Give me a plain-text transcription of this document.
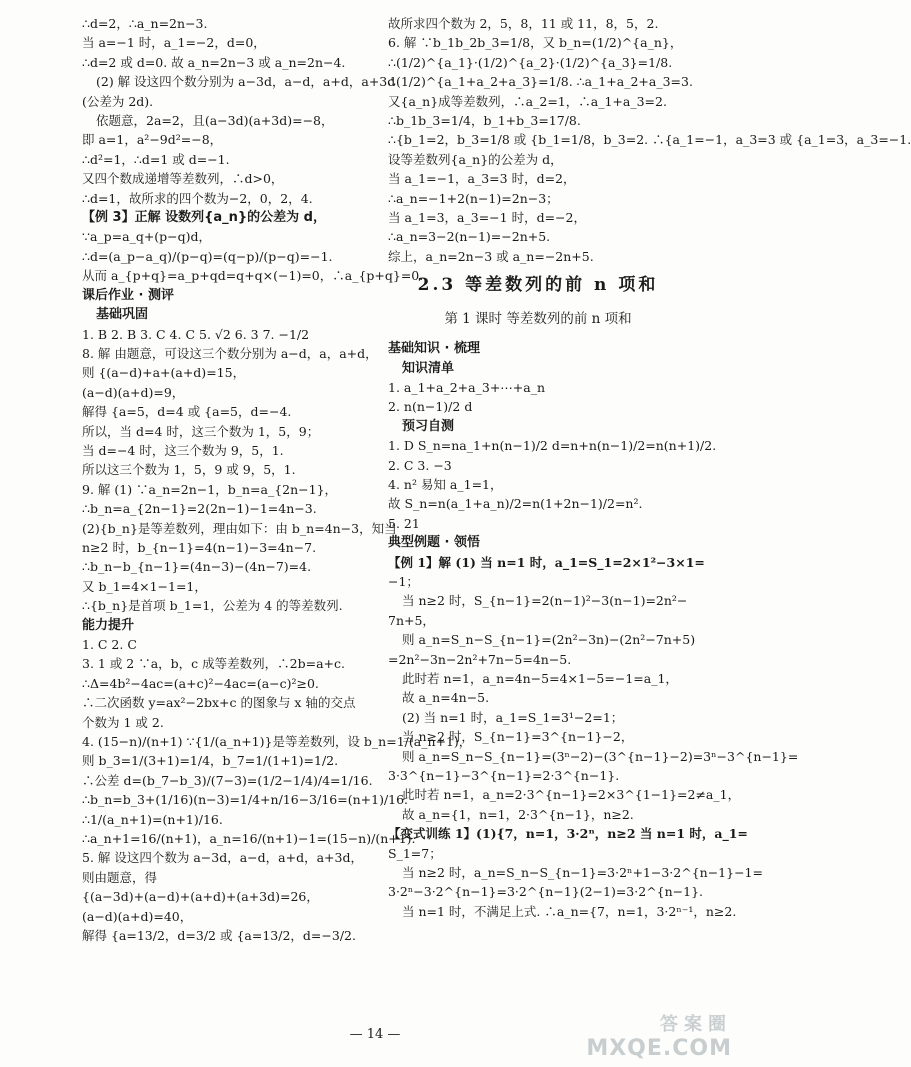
∴d=2，∴a_n=2n−3.
当 a=−1 时，a_1=−2，d=0，
∴d=2 或 d=0. 故 a_n=2n−3 或 a_n=2n−4.
(2) 解 设这四个数分别为 a−3d，a−d，a+d，a+3d
(公差为 2d).
依题意，2a=2，且(a−3d)(a+3d)=−8，
即 a=1，a²−9d²=−8，
∴d²=1，∴d=1 或 d=−1.
又四个数成递增等差数列，∴d>0，
∴d=1，故所求的四个数为−2，0，2，4.
【例 3】正解 设数列{a_n}的公差为 d，
∵a_p=a_q+(p−q)d，
∴d=(a_p−a_q)/(p−q)=(q−p)/(p−q)=−1.
从而 a_{p+q}=a_p+qd=q+q×(−1)=0，∴a_{p+q}=0.
课后作业 · 测评
基础巩固
1. B 2. B 3. C 4. C 5. √2 6. 3 7. −1/2
8. 解 由题意，可设这三个数分别为 a−d，a，a+d，
则 {(a−d)+a+(a+d)=15，
(a−d)(a+d)=9，
解得 {a=5，d=4 或 {a=5，d=−4.
所以，当 d=4 时，这三个数为 1，5，9；
当 d=−4 时，这三个数为 9，5，1.
所以这三个数为 1，5，9 或 9，5，1.
9. 解 (1) ∵a_n=2n−1，b_n=a_{2n−1}，
∴b_n=a_{2n−1}=2(2n−1)−1=4n−3.
(2){b_n}是等差数列，理由如下：由 b_n=4n−3，知当
n≥2 时，b_{n−1}=4(n−1)−3=4n−7.
∴b_n−b_{n−1}=(4n−3)−(4n−7)=4.
又 b_1=4×1−1=1，
∴{b_n}是首项 b_1=1，公差为 4 的等差数列.
能力提升
1. C 2. C
3. 1 或 2 ∵a，b，c 成等差数列，∴2b=a+c.
∴Δ=4b²−4ac=(a+c)²−4ac=(a−c)²≥0.
∴二次函数 y=ax²−2bx+c 的图象与 x 轴的交点
个数为 1 或 2.
4. (15−n)/(n+1) ∵{1/(a_n+1)}是等差数列，设 b_n=1/(a_n+1)，
则 b_3=1/(3+1)=1/4，b_7=1/(1+1)=1/2.
∴公差 d=(b_7−b_3)/(7−3)=(1/2−1/4)/4=1/16.
∴b_n=b_3+(1/16)(n−3)=1/4+n/16−3/16=(n+1)/16.
∴1/(a_n+1)=(n+1)/16.
∴a_n+1=16/(n+1)，a_n=16/(n+1)−1=(15−n)/(n+1).
5. 解 设这四个数为 a−3d，a−d，a+d，a+3d，
则由题意，得
{(a−3d)+(a−d)+(a+d)+(a+3d)=26，
(a−d)(a+d)=40，
解得 {a=13/2，d=3/2 或 {a=13/2，d=−3/2.
故所求四个数为 2，5，8，11 或 11，8，5，2.
6. 解 ∵b_1b_2b_3=1/8，又 b_n=(1/2)^{a_n}，
∴(1/2)^{a_1}·(1/2)^{a_2}·(1/2)^{a_3}=1/8.
∴(1/2)^{a_1+a_2+a_3}=1/8. ∴a_1+a_2+a_3=3.
又{a_n}成等差数列，∴a_2=1，∴a_1+a_3=2.
∴b_1b_3=1/4，b_1+b_3=17/8.
∴{b_1=2，b_3=1/8 或 {b_1=1/8，b_3=2. ∴{a_1=−1，a_3=3 或 {a_1=3，a_3=−1.
设等差数列{a_n}的公差为 d，
当 a_1=−1，a_3=3 时，d=2，
∴a_n=−1+2(n−1)=2n−3；
当 a_1=3，a_3=−1 时，d=−2，
∴a_n=3−2(n−1)=−2n+5.
综上，a_n=2n−3 或 a_n=−2n+5.
2.3 等差数列的前 n 项和
第 1 课时 等差数列的前 n 项和
基础知识 · 梳理
知识清单
1. a_1+a_2+a_3+⋯+a_n
2. n(n−1)/2 d
预习自测
1. D S_n=na_1+n(n−1)/2 d=n+n(n−1)/2=n(n+1)/2.
2. C 3. −3
4. n² 易知 a_1=1，
故 S_n=n(a_1+a_n)/2=n(1+2n−1)/2=n².
5. 21
典型例题 · 领悟
【例 1】解 (1) 当 n=1 时，a_1=S_1=2×1²−3×1=
−1；
当 n≥2 时，S_{n−1}=2(n−1)²−3(n−1)=2n²−
7n+5，
则 a_n=S_n−S_{n−1}=(2n²−3n)−(2n²−7n+5)
=2n²−3n−2n²+7n−5=4n−5.
此时若 n=1，a_n=4n−5=4×1−5=−1=a_1，
故 a_n=4n−5.
(2) 当 n=1 时，a_1=S_1=3¹−2=1；
当 n≥2 时，S_{n−1}=3^{n−1}−2，
则 a_n=S_n−S_{n−1}=(3ⁿ−2)−(3^{n−1}−2)=3ⁿ−3^{n−1}=
3·3^{n−1}−3^{n−1}=2·3^{n−1}.
此时若 n=1，a_n=2·3^{n−1}=2×3^{1−1}=2≠a_1，
故 a_n={1，n=1，2·3^{n−1}，n≥2.
【变式训练 1】(1){7，n=1，3·2ⁿ，n≥2 当 n=1 时，a_1=
S_1=7；
当 n≥2 时，a_n=S_n−S_{n−1}=3·2ⁿ+1−3·2^{n−1}−1=
3·2ⁿ−3·2^{n−1}=3·2^{n−1}(2−1)=3·2^{n−1}.
当 n=1 时，不满足上式. ∴a_n={7，n=1，3·2ⁿ⁻¹，n≥2.
— 14 —	答案圈
MXQE.COM
